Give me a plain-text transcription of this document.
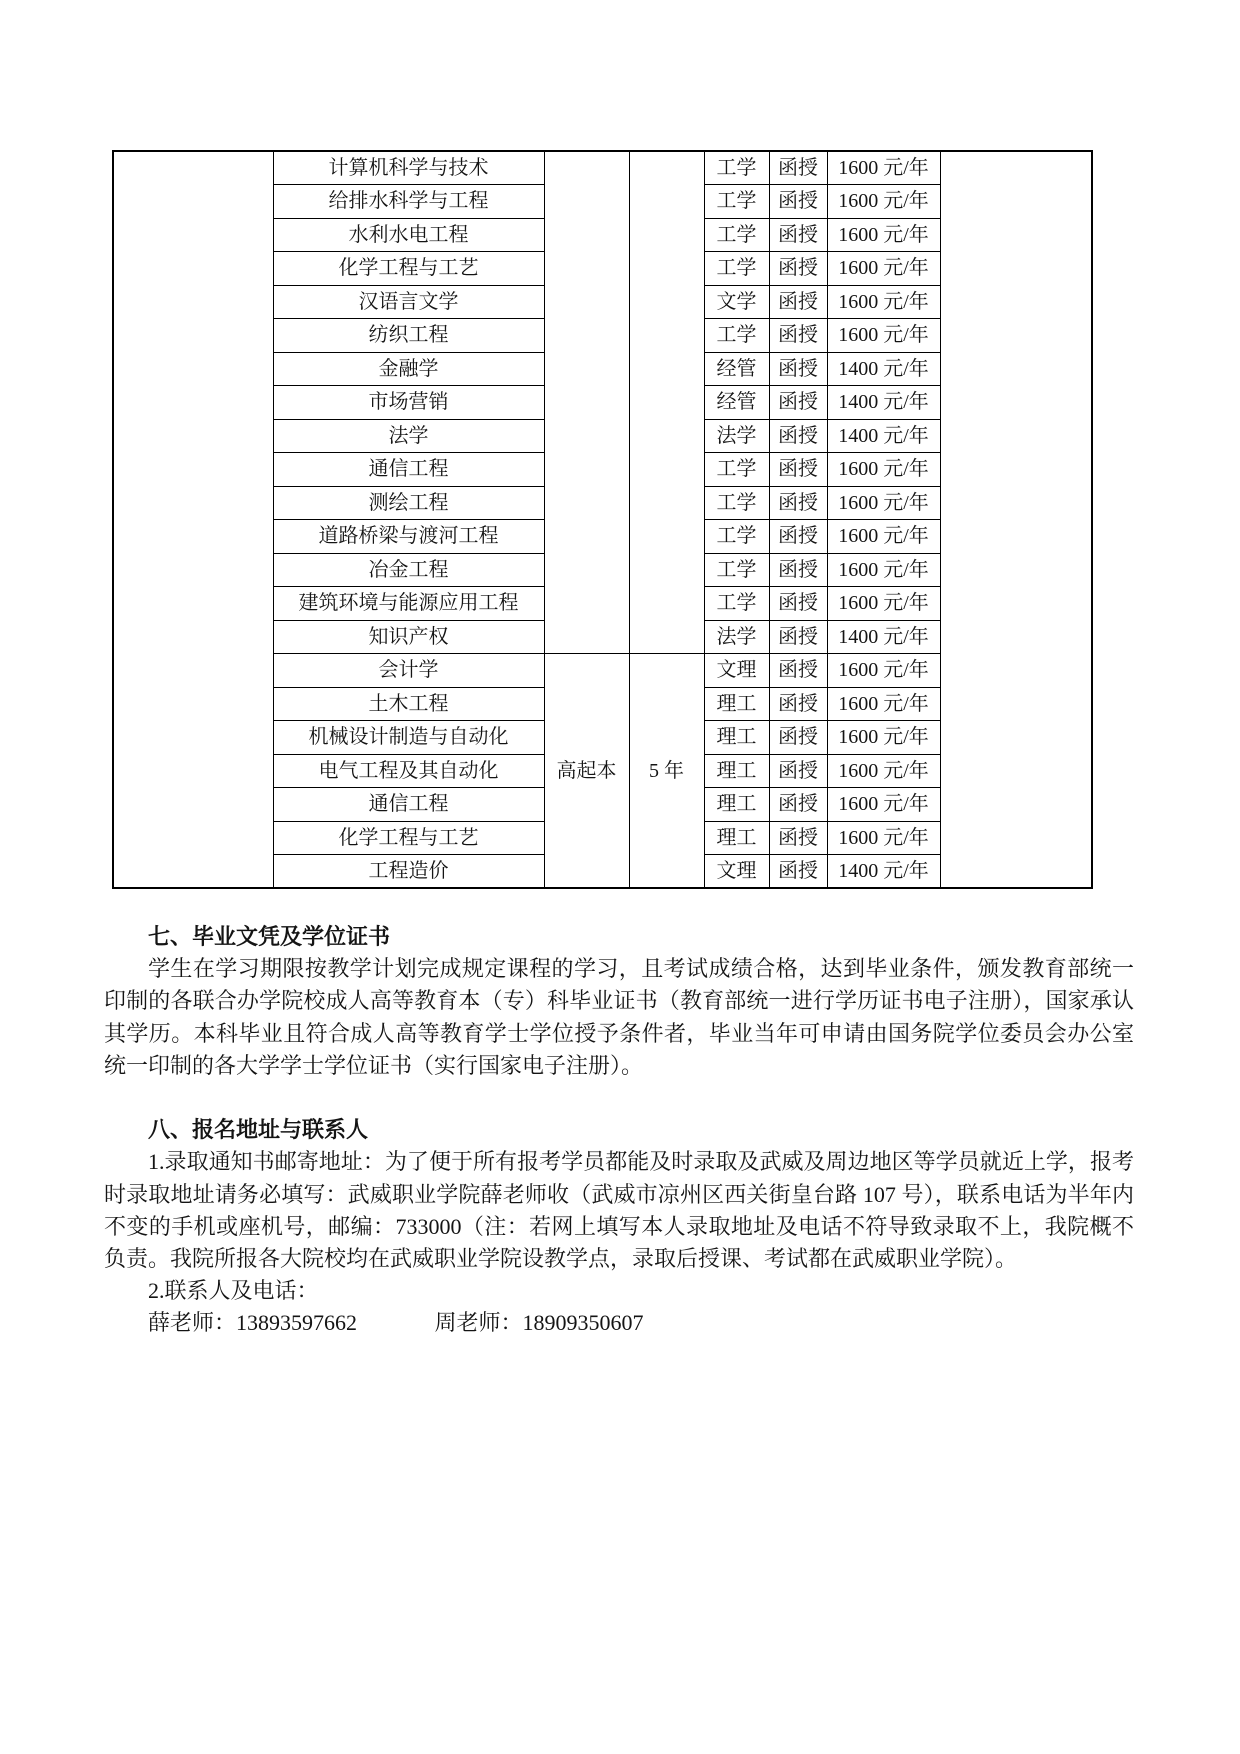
	计算机科学与技术			工学	函授	1600 元/年	
	给排水科学与工程			工学	函授	1600 元/年	
	水利水电工程			工学	函授	1600 元/年	
	化学工程与工艺			工学	函授	1600 元/年	
	汉语言文学			文学	函授	1600 元/年	
	纺织工程			工学	函授	1600 元/年	
	金融学			经管	函授	1400 元/年	
	市场营销			经管	函授	1400 元/年	
	法学			法学	函授	1400 元/年	
	通信工程			工学	函授	1600 元/年	
	测绘工程			工学	函授	1600 元/年	
	道路桥梁与渡河工程			工学	函授	1600 元/年	
	冶金工程			工学	函授	1600 元/年	
	建筑环境与能源应用工程			工学	函授	1600 元/年	
	知识产权			法学	函授	1400 元/年	
	会计学	高起本	5 年	文理	函授	1600 元/年	
	土木工程			理工	函授	1600 元/年	
	机械设计制造与自动化			理工	函授	1600 元/年	
	电气工程及其自动化			理工	函授	1600 元/年	
	通信工程			理工	函授	1600 元/年	
	化学工程与工艺			理工	函授	1600 元/年	
	工程造价			文理	函授	1400 元/年	
七、毕业文凭及学位证书

学生在学习期限按教学计划完成规定课程的学习，且考试成绩合格，达到毕业条件，颁发教育部统一印制的各联合办学院校成人高等教育本（专）科毕业证书（教育部统一进行学历证书电子注册），国家承认其学历。本科毕业且符合成人高等教育学士学位授予条件者，毕业当年可申请由国务院学位委员会办公室统一印制的各大学学士学位证书（实行国家电子注册）。

八、报名地址与联系人

1.录取通知书邮寄地址：为了便于所有报考学员都能及时录取及武威及周边地区等学员就近上学，报考时录取地址请务必填写：武威职业学院薛老师收（武威市凉州区西关街皇台路 107 号），联系电话为半年内不变的手机或座机号，邮编：733000（注：若网上填写本人录取地址及电话不符导致录取不上，我院概不负责。我院所报各大院校均在武威职业学院设教学点，录取后授课、考试都在武威职业学院）。

2.联系人及电话：

薛老师：13893597662	周老师：18909350607
